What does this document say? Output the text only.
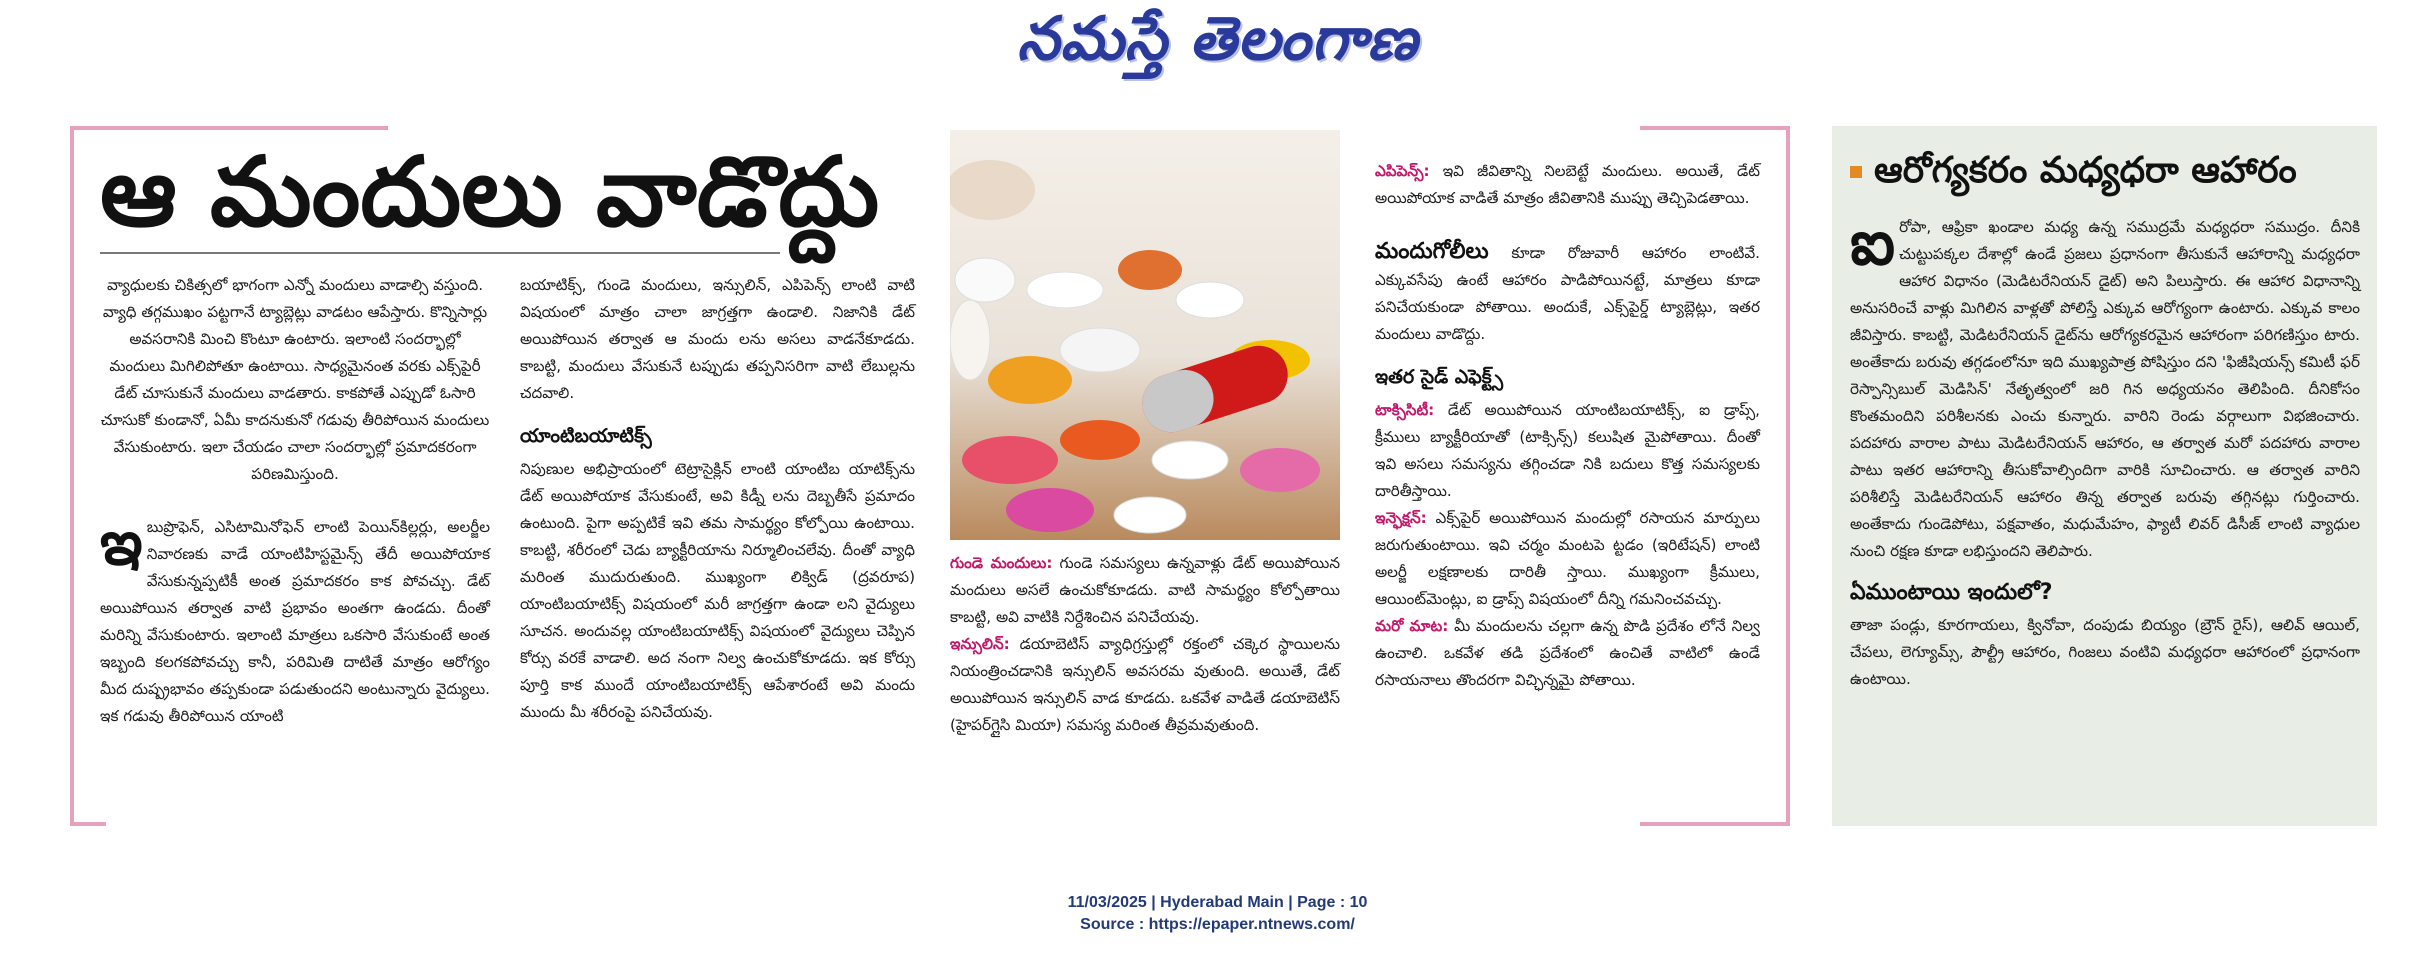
నమస్తే తెలంగాణ
ఆ మందులు వాడొద్దు

వ్యాధులకు చికిత్సలో భాగంగా ఎన్నో మందులు వాడాల్సి వస్తుంది. వ్యాధి తగ్గముఖం పట్టగానే ట్యాబ్లెట్లు వాడటం ఆపేస్తారు. కొన్నిసార్లు అవసరానికి మించి కొంటూ ఉంటారు. ఇలాంటి సందర్భాల్లో మందులు మిగిలిపోతూ ఉంటాయి. సాధ్యమైనంత వరకు ఎక్స్‌పైరీ డేట్ చూసుకునే మందులు వాడతారు. కాకపోతే ఎప్పుడో ఓసారి చూసుకో కుండానో, ఏమీ కాదనుకునో గడువు తీరిపోయిన మందులు వేసుకుంటారు. ఇలా చేయడం చాలా సందర్భాల్లో ప్రమాదకరంగా పరిణమిస్తుంది.

ఇ బుప్రొఫెన్, ఎసిటామినోఫెన్ లాంటి పెయిన్‌కిల్లర్లు, అలర్జీల నివారణకు వాడే యాంటిహిస్టమైన్స్ తేదీ అయిపోయాక వేసుకున్నప్పటికీ అంత ప్రమాదకరం కాక పోవచ్చు. డేట్ అయిపోయిన తర్వాత వాటి ప్రభావం అంతగా ఉండదు. దీంతో మరిన్ని వేసుకుంటారు. ఇలాంటి మాత్రలు ఒకసారి వేసుకుంటే అంత ఇబ్బంది కలగకపోవచ్చు కానీ, పరిమితి దాటితే మాత్రం ఆరోగ్యం మీద దుష్ప్రభావం తప్పకుండా పడుతుందని అంటున్నారు వైద్యులు. ఇక గడువు తీరిపోయిన యాంటి

బయాటిక్స్, గుండె మందులు, ఇన్సులిన్, ఎపిపెన్స్ లాంటి వాటి విషయంలో మాత్రం చాలా జాగ్రత్తగా ఉండాలి. నిజానికి డేట్ అయిపోయిన తర్వాత ఆ మందు లను అసలు వాడనేకూడదు. కాబట్టి, మందులు వేసుకునే టప్పుడు తప్పనిసరిగా వాటి లేబుల్లను చదవాలి.

యాంటిబయాటిక్స్

నిపుణుల అభిప్రాయంలో టెట్రాసైక్లిన్ లాంటి యాంటిబ యాటిక్స్‌ను డేట్ అయిపోయాక వేసుకుంటే, అవి కిడ్నీ లను దెబ్బతీసే ప్రమాదం ఉంటుంది. పైగా అప్పటికే ఇవి తమ సామర్థ్యం కోల్పోయి ఉంటాయి. కాబట్టి, శరీరంలో చెడు బ్యాక్టీరియాను నిర్మూలించలేవు. దీంతో వ్యాధి మరింత ముదురుతుంది. ముఖ్యంగా లిక్విడ్ (ద్రవరూప) యాంటిబయాటిక్స్ విషయంలో మరీ జాగ్రత్తగా ఉండా లని వైద్యులు సూచన. అందువల్ల యాంటిబయాటిక్స్ విషయంలో వైద్యులు చెప్పిన కోర్సు వరకే వాడాలి. అద నంగా నిల్వ ఉంచుకోకూడదు. ఇక కోర్సు పూర్తి కాక ముందే యాంటిబయాటిక్స్ ఆపేశారంటే అవి మందు ముందు మీ శరీరంపై పనిచేయవు.

గుండె మందులు: గుండె సమస్యలు ఉన్నవాళ్లు డేట్ అయిపోయిన మందులు అసలే ఉంచుకోకూడదు. వాటి సామర్థ్యం కోల్పోతాయి కాబట్టి, అవి వాటికి నిర్దేశించిన పనిచేయవు.

ఇన్సులిన్: డయాబెటిస్ వ్యాధిగ్రస్తుల్లో రక్తంలో చక్కెర స్థాయిలను నియంత్రించడానికి ఇన్సులిన్ అవసరమ వుతుంది. అయితే, డేట్ అయిపోయిన ఇన్సులిన్ వాడ కూడదు. ఒకవేళ వాడితే డయాబెటిస్ (హైపర్‌గ్లైసి మియా) సమస్య మరింత తీవ్రమవుతుంది.

ఎపిపెన్స్: ఇవి జీవితాన్ని నిలబెట్టే మందులు. అయితే, డేట్ అయిపోయాక వాడితే మాత్రం జీవితానికి ముప్పు తెచ్చిపెడతాయి.

మందుగోలీలు కూడా రోజువారీ ఆహారం లాంటివే. ఎక్కువసేపు ఉంటే ఆహారం పాడిపోయినట్టే, మాత్రలు కూడా పనిచేయకుండా పోతాయి. అందుకే, ఎక్స్‌పైర్డ్ ట్యాబ్లెట్లు, ఇతర మందులు వాడొద్దు.

ఇతర సైడ్ ఎఫెక్ట్స్

టాక్సిసిటీ: డేట్ అయిపోయిన యాంటిబయాటిక్స్, ఐ డ్రాప్స్, క్రీములు బ్యాక్టీరియాతో (టాక్సిన్స్) కలుషిత మైపోతాయి. దీంతో ఇవి అసలు సమస్యను తగ్గించడా నికి బదులు కొత్త సమస్యలకు దారితీస్తాయి.

ఇన్ఫెక్షన్: ఎక్స్‌పైర్ అయిపోయిన మందుల్లో రసాయన మార్పులు జరుగుతుంటాయి. ఇవి చర్మం మంటపె ట్టడం (ఇరిటేషన్) లాంటి అలర్జీ లక్షణాలకు దారితీ స్తాయి. ముఖ్యంగా క్రీములు, ఆయింట్‌మెంట్లు, ఐ డ్రాప్స్ విషయంలో దీన్ని గమనించవచ్చు.

మరో మాట: మీ మందులను చల్లగా ఉన్న పొడి ప్రదేశం లోనే నిల్వ ఉంచాలి. ఒకవేళ తడి ప్రదేశంలో ఉంచితే వాటిలో ఉండే రసాయనాలు తొందరగా విచ్ఛిన్నమై పోతాయి.

ఆరోగ్యకరం మధ్యధరా ఆహారం

ఐ రోపా, ఆఫ్రికా ఖండాల మధ్య ఉన్న సముద్రమే మధ్యధరా సముద్రం. దీనికి చుట్టుపక్కల దేశాల్లో ఉండే ప్రజలు ప్రధానంగా తీసుకునే ఆహారాన్ని మధ్యధరా ఆహార విధానం (మెడిటరేనియన్ డైట్) అని పిలుస్తారు. ఈ ఆహార విధానాన్ని అనుసరించే వాళ్లు మిగిలిన వాళ్లతో పోలిస్తే ఎక్కువ ఆరోగ్యంగా ఉంటారు. ఎక్కువ కాలం జీవిస్తారు. కాబట్టి, మెడిటరేనియన్ డైట్‌ను ఆరోగ్యకరమైన ఆహారంగా పరిగణిస్తుం టారు. అంతేకాదు బరువు తగ్గడంలోనూ ఇది ముఖ్యపాత్ర పోషిస్తుం దని 'ఫిజీషియన్స్ కమిటీ ఫర్ రెస్పాన్సిబుల్ మెడిసిన్' నేతృత్వంలో జరి గిన అధ్యయనం తెలిపింది. దీనికోసం కొంతమందిని పరిశీలనకు ఎంచు కున్నారు. వారిని రెండు వర్గాలుగా విభజించారు. పదహారు వారాల పాటు మెడిటరేనియన్ ఆహారం, ఆ తర్వాత మరో పదహారు వారాల పాటు ఇతర ఆహారాన్ని తీసుకోవాల్సిందిగా వారికి సూచించారు. ఆ తర్వాత వారిని పరిశీలిస్తే మెడిటరేనియన్ ఆహారం తిన్న తర్వాత బరువు తగ్గినట్లు గుర్తించారు. అంతేకాదు గుండెపోటు, పక్షవాతం, మధుమేహం, ఫ్యాటీ లివర్ డిసీజ్ లాంటి వ్యాధుల నుంచి రక్షణ కూడా లభిస్తుందని తెలిపారు.

ఏముంటాయి ఇందులో?

తాజా పండ్లు, కూరగాయలు, క్వినోవా, దంపుడు బియ్యం (బ్రౌన్ రైస్), ఆలివ్ ఆయిల్, చేపలు, లెగ్యూమ్స్, పౌల్ట్రీ ఆహారం, గింజలు వంటివి మధ్యధరా ఆహారంలో ప్రధానంగా ఉంటాయి.

11/03/2025 | Hyderabad Main | Page : 10
Source : https://epaper.ntnews.com/
